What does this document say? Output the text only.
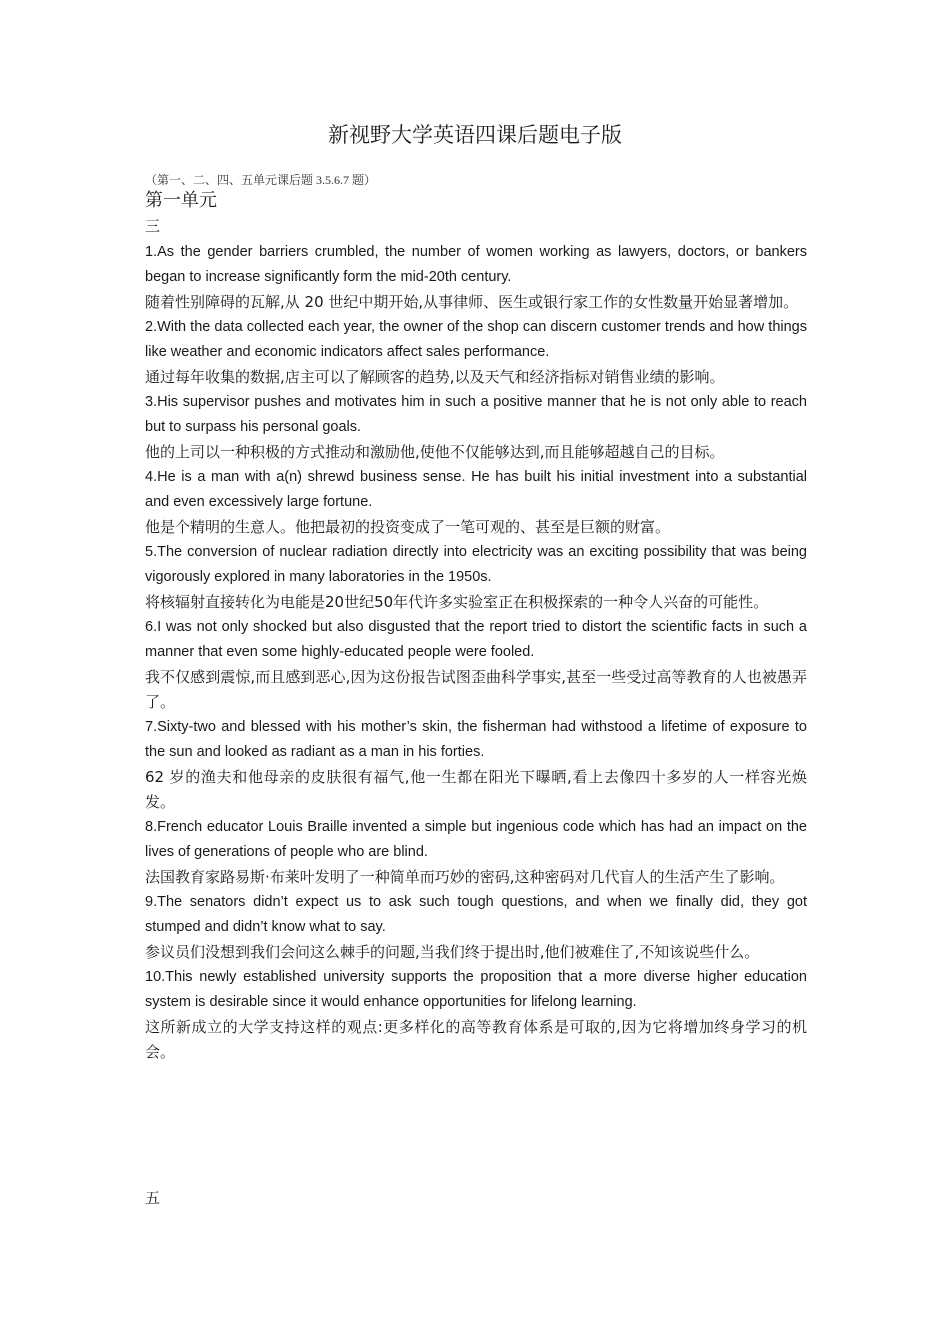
新视野大学英语四课后题电子版
（第一、二、四、五单元课后题 3.5.6.7 题）
第一单元
三

1.As the gender barriers crumbled, the number of women working as lawyers, doctors, or bankers began to increase significantly form the mid-20th century.

随着性别障碍的瓦解,从 20 世纪中期开始,从事律师、医生或银行家工作的女性数量开始显著增加。

2.With the data collected each year, the owner of the shop can discern customer trends and how things like weather and economic indicators affect sales performance.

通过每年收集的数据,店主可以了解顾客的趋势,以及天气和经济指标对销售业绩的影响。

3.His supervisor pushes and motivates him in such a positive manner that he is not only able to reach but to surpass his personal goals.

他的上司以一种积极的方式推动和激励他,使他不仅能够达到,而且能够超越自己的目标。

4.He is a man with a(n) shrewd business sense. He has built his initial investment into a substantial and even excessively large fortune.

他是个精明的生意人。他把最初的投资变成了一笔可观的、甚至是巨额的财富。

5.The conversion of nuclear radiation directly into electricity was an exciting possibility that was being vigorously explored in many laboratories in the 1950s.

将核辐射直接转化为电能是20世纪50年代许多实验室正在积极探索的一种令人兴奋的可能性。

6.I was not only shocked but also disgusted that the report tried to distort the scientific facts in such a manner that even some highly-educated people were fooled.

我不仅感到震惊,而且感到恶心,因为这份报告试图歪曲科学事实,甚至一些受过高等教育的人也被愚弄了。

7.Sixty-two and blessed with his mother’s skin, the fisherman had withstood a lifetime of exposure to the sun and looked as radiant as a man in his forties.

62 岁的渔夫和他母亲的皮肤很有福气,他一生都在阳光下曝晒,看上去像四十多岁的人一样容光焕发。

8.French educator Louis Braille invented a simple but ingenious code which has had an impact on the lives of generations of people who are blind.

法国教育家路易斯·布莱叶发明了一种简单而巧妙的密码,这种密码对几代盲人的生活产生了影响。

9.The senators didn’t expect us to ask such tough questions, and when we finally did, they got stumped and didn’t know what to say.

参议员们没想到我们会问这么棘手的问题,当我们终于提出时,他们被难住了,不知该说些什么。

10.This newly established university supports the proposition that a more diverse higher education system is desirable since it would enhance opportunities for lifelong learning.

这所新成立的大学支持这样的观点:更多样化的高等教育体系是可取的,因为它将增加终身学习的机会。

五
